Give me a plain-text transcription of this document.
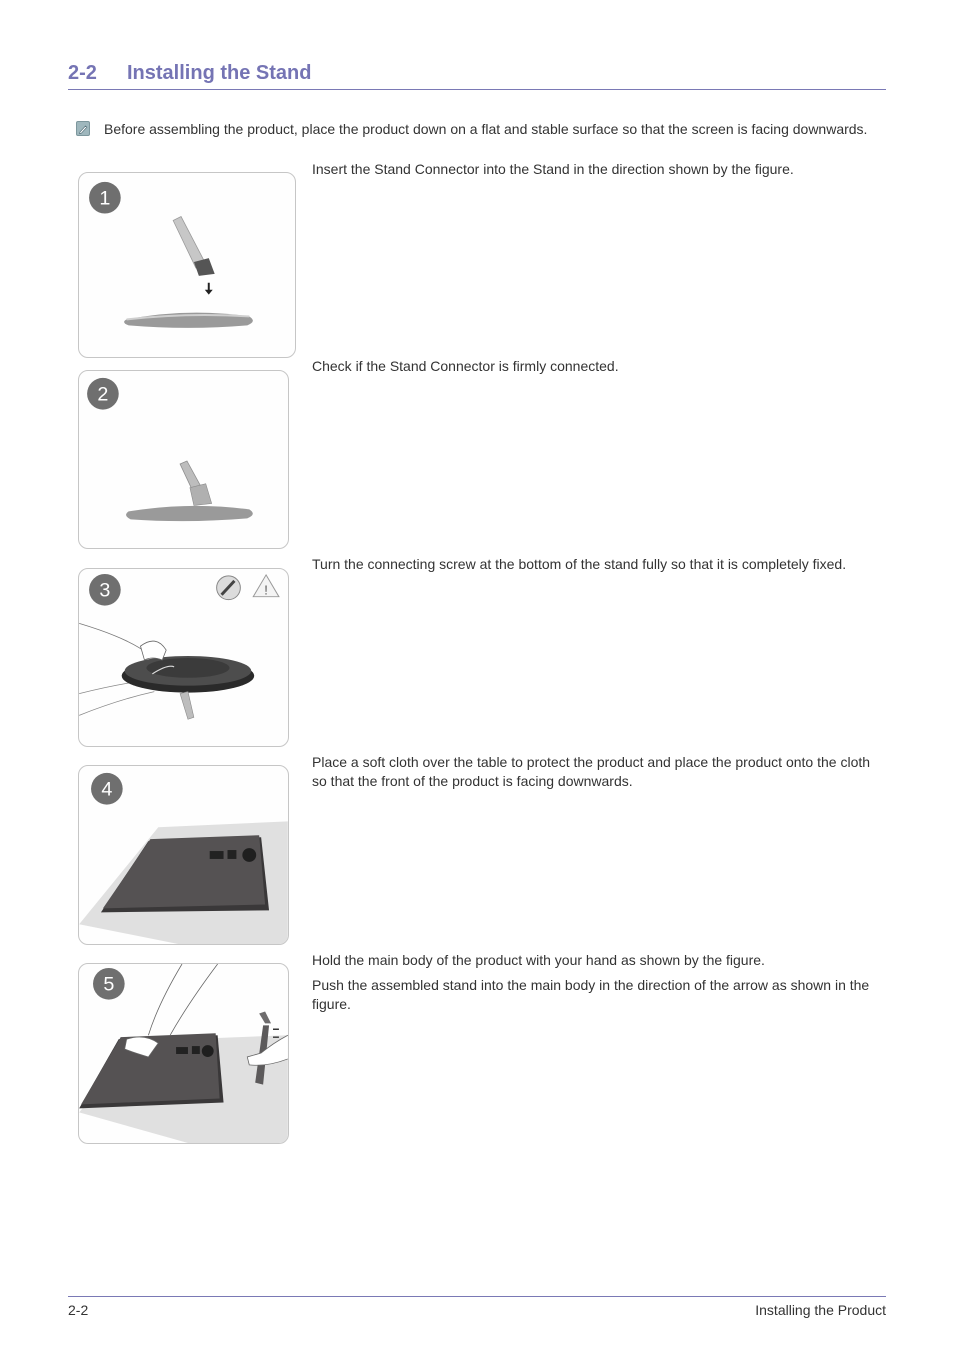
2-2 Installing the Stand
Before assembling the product, place the product down on a flat and stable surface so that the screen is facing downwards.
1

Insert the Stand Connector into the Stand in the direction shown by the figure.

2

Check if the Stand Connector is firmly connected.

3	!

Turn the connecting screw at the bottom of the stand fully so that it is completely fixed.

4

Place a soft cloth over the table to protect the product and place the product onto the cloth so that the front of the product is facing downwards.

5

Hold the main body of the product with your hand as shown by the figure.

Push the assembled stand into the main body in the direction of the arrow as shown in the figure.

2-2	Installing the Product
